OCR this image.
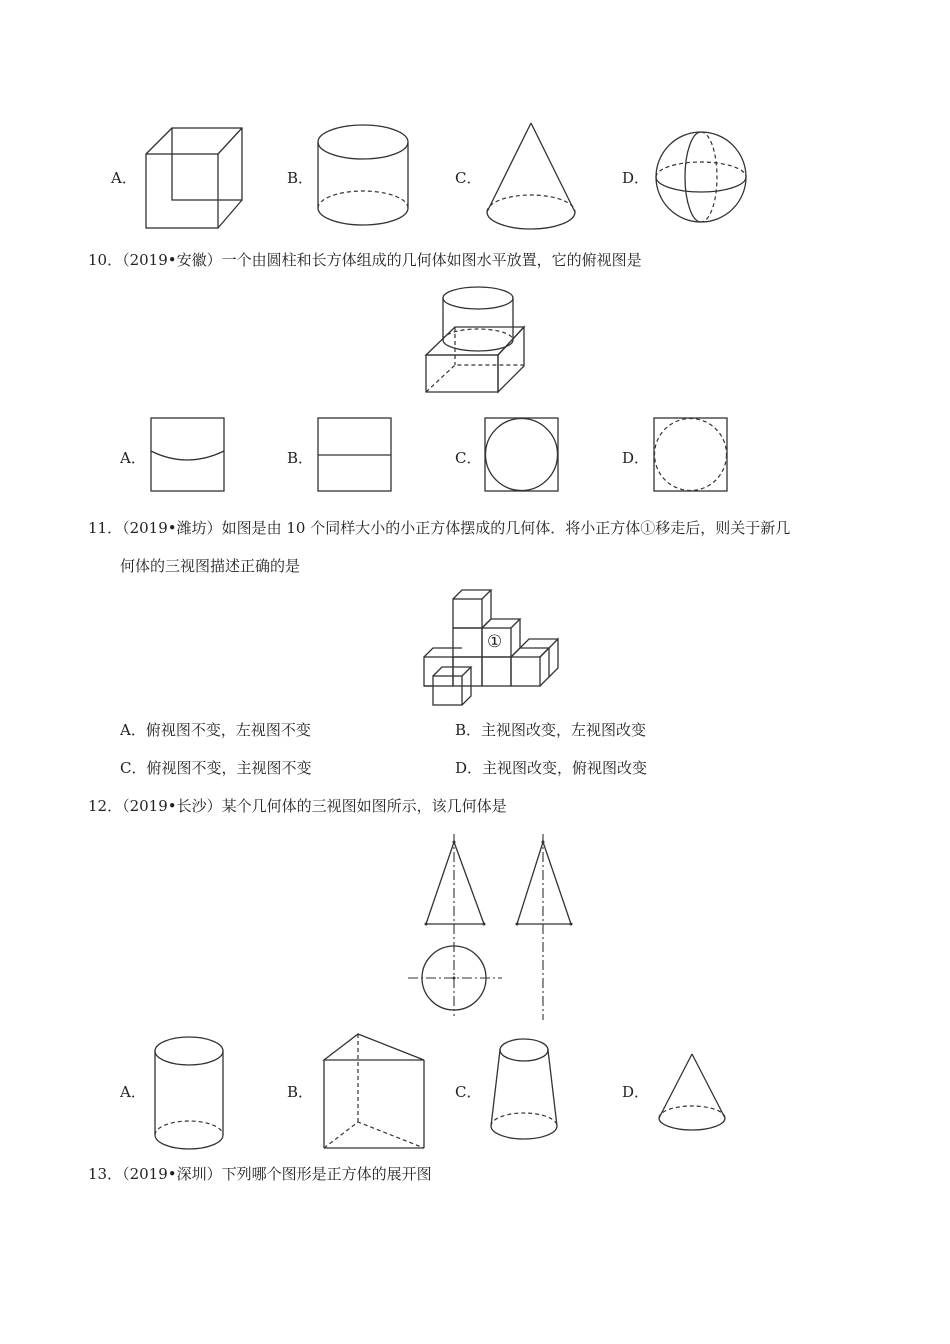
A．	B．	C．	D．
10．（2019•安徽）一个由圆柱和长方体组成的几何体如图水平放置，它的俯视图是
A．	B．	C．	D．
11．（2019•潍坊）如图是由 10 个同样大小的小正方体摆成的几何体．将小正方体①移走后，则关于新几
何体的三视图描述正确的是
①
A．俯视图不变，左视图不变	B．主视图改变，左视图改变
C．俯视图不变，主视图不变	D．主视图改变，俯视图改变
12．（2019•长沙）某个几何体的三视图如图所示，该几何体是
A．	B．	C．	D．
13．（2019•深圳）下列哪个图形是正方体的展开图
